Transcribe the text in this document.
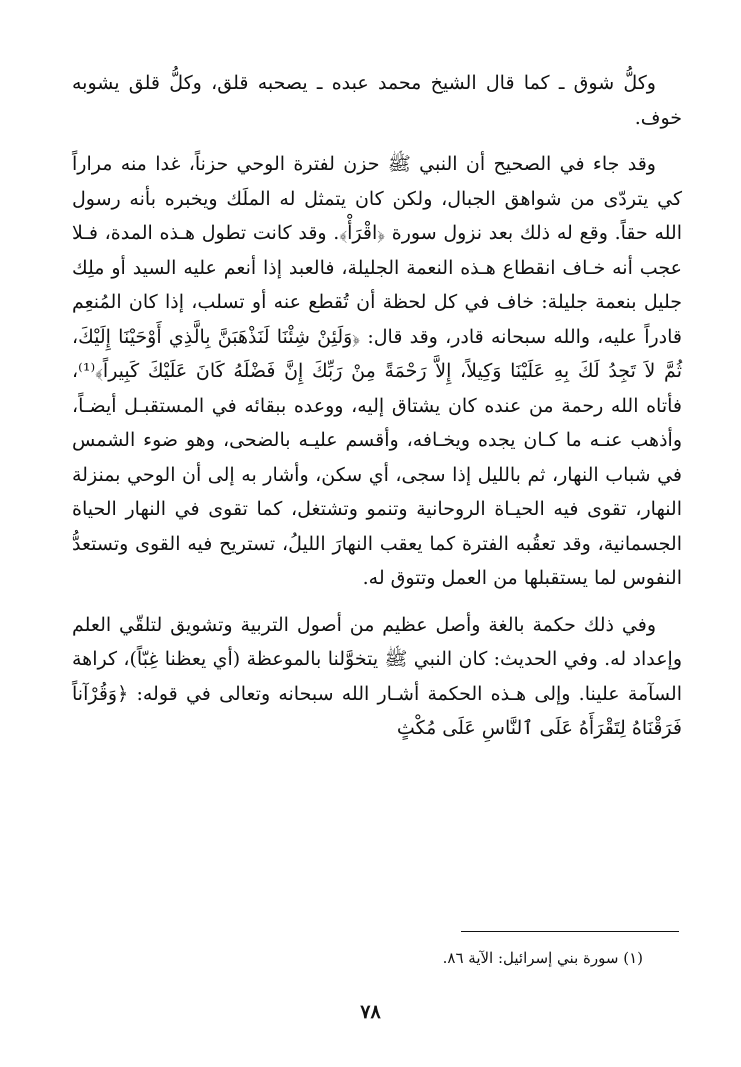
وكلُّ شوق ـ كما قال الشيخ محمد عبده ـ يصحبه قلق، وكلُّ قلق يشوبه خوف.

وقد جاء في الصحيح أن النبي ﷺ حزن لفترة الوحي حزناً، غدا منه مراراً كي يتردّى من شواهق الجبال، ولكن كان يتمثل له الملَك ويخبره بأنه رسول الله حقاً. وقع له ذلك بعد نزول سورة ﴿اقْرَأْ﴾. وقد كانت تطول هـذه المدة، فـلا عجب أنه خـاف انقطاع هـذه النعمة الجليلة، فالعبد إذا أنعم عليه السيد أو ملِك جليل بنعمة جليلة: خاف في كل لحظة أن تُقطع عنه أو تسلب، إذا كان المُنعِم قادراً عليه، والله سبحانه قادر، وقد قال: ﴿وَلَئِنْ شِئْنَا لَنَذْهَبَنَّ بِالَّذِي أَوْحَيْنَا إِلَيْكَ، ثُمَّ لاَ تَجِدُ لَكَ بِهِ عَلَيْنَا وَكِيلاً، إِلاَّ رَحْمَةً مِنْ رَبِّكَ إِنَّ فَضْلَهُ كَانَ عَلَيْكَ كَبِيراً﴾⁽¹⁾، فأتاه الله رحمة من عنده كان يشتاق إليه، ووعده ببقائه في المستقبـل أيضـاً، وأذهب عنـه ما كـان يجده ويخـافه، وأقسم عليـه بالضحى، وهو ضوء الشمس في شباب النهار، ثم بالليل إذا سجى، أي سكن، وأشار به إلى أن الوحي بمنزلة النهار، تقوى فيه الحيـاة الروحانية وتنمو وتشتغل، كما تقوى في النهار الحياة الجسمانية، وقد تعقُبه الفترة كما يعقب النهارَ الليلُ، تستريح فيه القوى وتستعدُّ النفوس لما يستقبلها من العمل وتتوق له.

وفي ذلك حكمة بالغة وأصل عظيم من أصول التربية وتشويق لتلقّي العلم وإعداد له. وفي الحديث: كان النبي ﷺ يتخوَّلنا بالموعظة (أي يعظنا غِبّاً)، كراهة السآمة علينا. وإلى هـذه الحكمة أشـار الله سبحانه وتعالى في قوله: ﴿وَقُرْآناً فَرَقْنَاهُ لِتَقْرَأَهُ عَلَى ٱلنَّاسِ عَلَى مُكْثٍ

(١) سورة بني إسرائيل: الآية ٨٦.

٧٨
